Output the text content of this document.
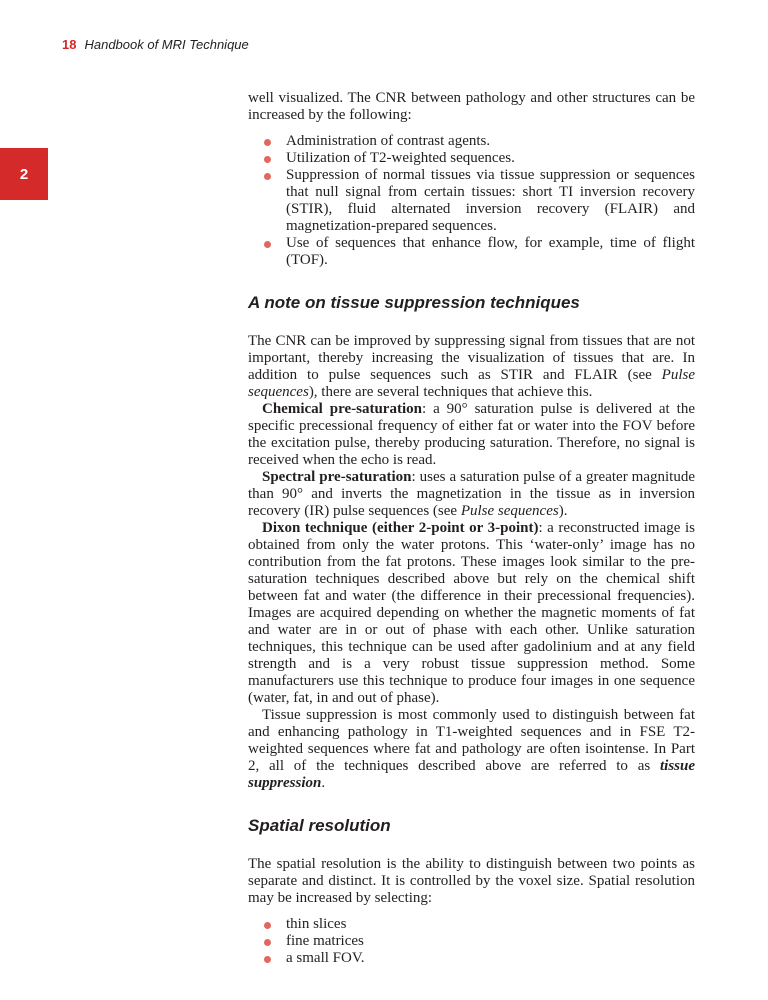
18 Handbook of MRI Technique
2

well visualized. The CNR between pathology and other structures can be increased by the following:

Administration of contrast agents.
Utilization of T2-weighted sequences.
Suppression of normal tissues via tissue suppression or sequences that null signal from certain tissues: short TI inversion recovery (STIR), fluid alternated inversion recovery (FLAIR) and magnetization-prepared sequences.
Use of sequences that enhance flow, for example, time of flight (TOF).
A note on tissue suppression techniques

The CNR can be improved by suppressing signal from tissues that are not important, thereby increasing the visualization of tissues that are. In addition to pulse sequences such as STIR and FLAIR (see Pulse sequences), there are several techniques that achieve this.

Chemical pre-saturation: a 90° saturation pulse is delivered at the specific precessional frequency of either fat or water into the FOV before the excitation pulse, thereby producing saturation. Therefore, no signal is received when the echo is read.

Spectral pre-saturation: uses a saturation pulse of a greater magnitude than 90° and inverts the magnetization in the tissue as in inversion recovery (IR) pulse sequences (see Pulse sequences).

Dixon technique (either 2-point or 3-point): a reconstructed image is obtained from only the water protons. This ‘water-only’ image has no contribution from the fat protons. These images look similar to the pre-saturation techniques described above but rely on the chemical shift between fat and water (the difference in their precessional frequencies). Images are acquired depending on whether the magnetic moments of fat and water are in or out of phase with each other. Unlike saturation techniques, this technique can be used after gadolinium and at any field strength and is a very robust tissue suppression method. Some manufacturers use this technique to produce four images in one sequence (water, fat, in and out of phase).

Tissue suppression is most commonly used to distinguish between fat and enhancing pathology in T1-weighted sequences and in FSE T2-weighted sequences where fat and pathology are often isointense. In Part 2, all of the techniques described above are referred to as tissue suppression.

Spatial resolution

The spatial resolution is the ability to distinguish between two points as separate and distinct. It is controlled by the voxel size. Spatial resolution may be increased by selecting:

thin slices
fine matrices
a small FOV.
